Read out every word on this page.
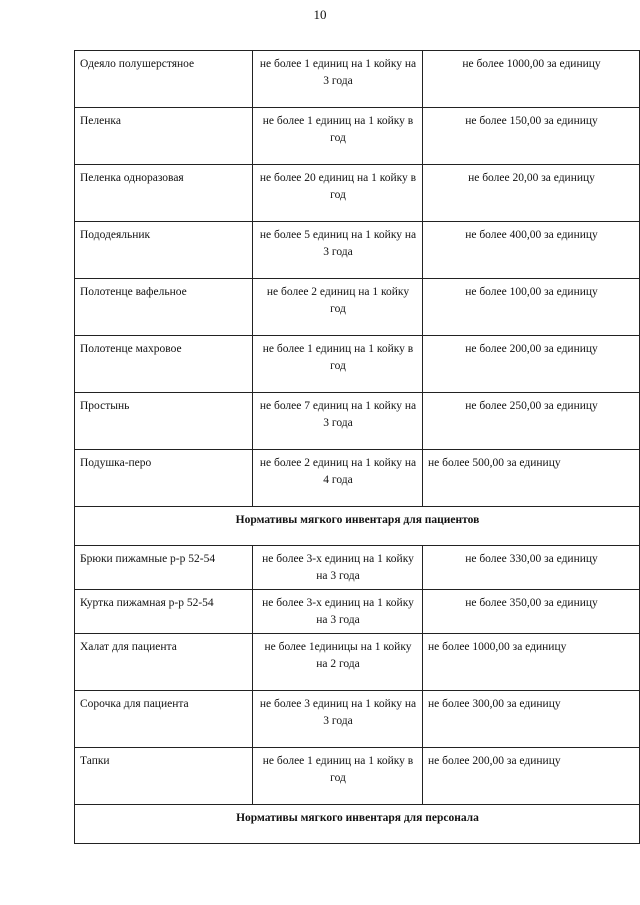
10
Одеяло полушерстяное	не более 1 единиц на 1 койку на 3 года	не более 1000,00 за единицу
Пеленка	не более 1 единиц на 1 койку в год	не более 150,00 за единицу
Пеленка одноразовая	не более 20 единиц на 1 койку в год	не более 20,00 за единицу
Пододеяльник	не более 5 единиц на 1 койку на 3 года	не более 400,00 за единицу
Полотенце вафельное	не более 2 единиц на 1 койку год	не более 100,00 за единицу
Полотенце махровое	не более 1 единиц на 1 койку в год	не более 200,00 за единицу
Простынь	не более 7 единиц на 1 койку на 3 года	не более 250,00 за единицу
Подушка-перо	не более 2 единиц на 1 койку на 4 года	не более 500,00 за единицу
Нормативы мягкого инвентаря для пациентов		
Брюки пижамные р-р 52-54	не более 3-х единиц на 1 койку на 3 года	не более 330,00 за единицу
Куртка пижамная р-р 52-54	не более 3-х единиц на 1 койку на 3 года	не более 350,00 за единицу
Халат для пациента	не более 1единицы на 1 койку на 2 года	не более 1000,00 за единицу
Сорочка для пациента	не более 3 единиц на 1 койку на 3 года	не более 300,00 за единицу
Тапки	не более 1 единиц на 1 койку в год	не более 200,00 за единицу
Нормативы мягкого инвентаря для персонала		
